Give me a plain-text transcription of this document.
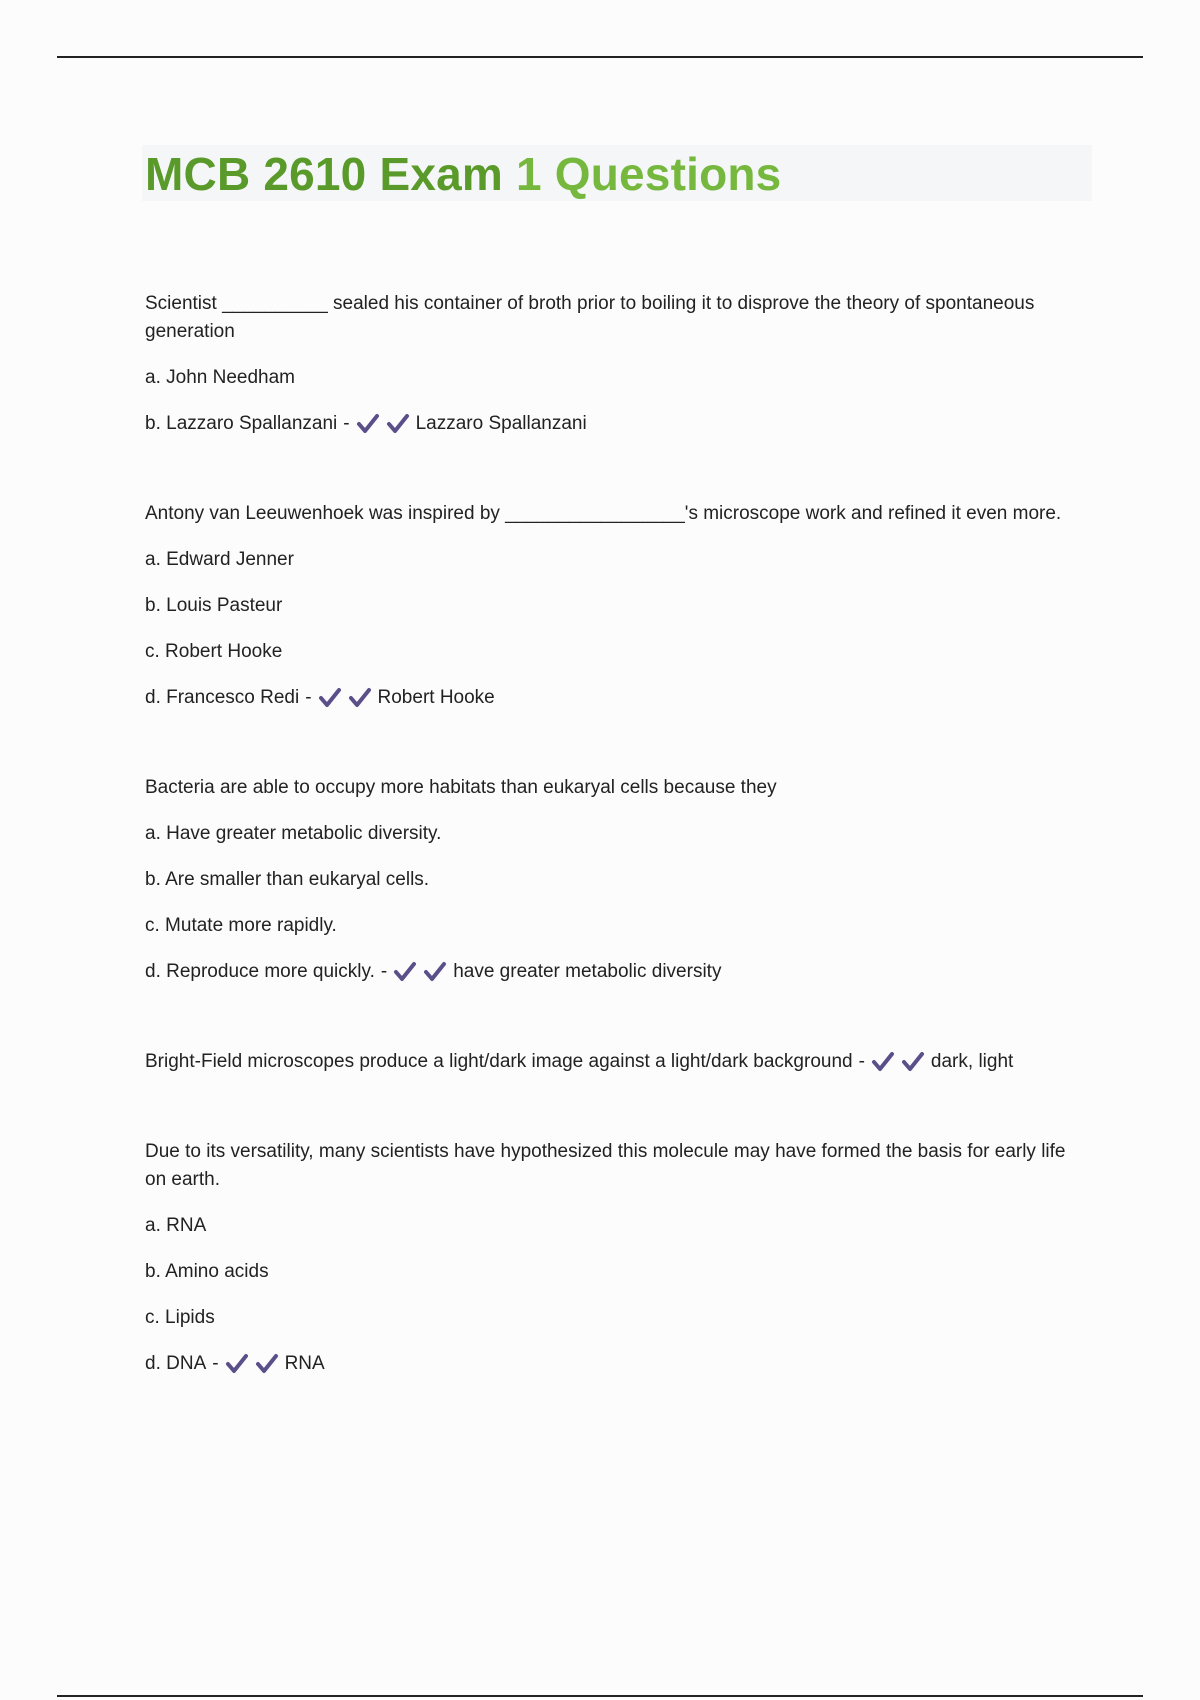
MCB 2610 Exam 1 Questions

Scientist __________ sealed his container of broth prior to boiling it to disprove the theory of spontaneous generation

a. John Needham
b. Lazzaro Spallanzani -	Lazzaro Spallanzani

Antony van Leeuwenhoek was inspired by _________________'s microscope work and refined it even more.

a. Edward Jenner
b. Louis Pasteur
c. Robert Hooke
d. Francesco Redi -	Robert Hooke

Bacteria are able to occupy more habitats than eukaryal cells because they

a. Have greater metabolic diversity.
b. Are smaller than eukaryal cells.
c. Mutate more rapidly.
d. Reproduce more quickly. -	have greater metabolic diversity
Bright-Field microscopes produce a light/dark image against a light/dark background -	dark, light

Due to its versatility, many scientists have hypothesized this molecule may have formed the basis for early life on earth.

a. RNA
b. Amino acids
c. Lipids
d. DNA -	RNA
